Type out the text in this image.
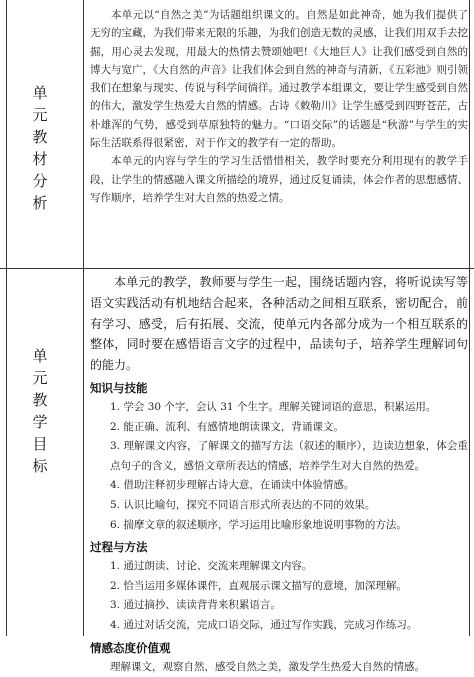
单
元
教
材
分
析

本单元以“自然之美”为话题组织课文的。自然是如此神奇，她为我们提供了无穷的宝藏，为我们带来无限的乐趣，为我们创造无数的灵感，让我们用双手去挖掘，用心灵去发现，用最大的热情去赞颂她吧!《大地巨人》让我们感受到自然的博大与宽广，《大自然的声音》让我们体会到自然的神奇与清新，《五彩池》则引领我们在想象与现实、传说与科学间徜徉。通过教学本组课文，要让学生感受到自然的伟大，激发学生热爱大自然的情感。古诗《敕勒川》让学生感受到四野苍茫，古朴雄浑的气势，感受到草原独特的魅力。“口语交际”的话题是“秋游”与学生的实际生活联系得很紧密，对于作文的教学有一定的帮助。

本单元的内容与学生的学习生活惜惜相关，教学时要充分利用现有的教学手段，让学生的情感融入课文所描绘的境界，通过反复诵读，体会作者的思想感情、写作顺序，培养学生对大自然的热爱之情。

单
元
教
学
目
标

本单元的教学，教师要与学生一起，围绕话题内容，将听说读写等语文实践活动有机地结合起来，各种活动之间相互联系，密切配合，前有学习、感受，后有拓展、交流，使单元内各部分成为一个相互联系的整体，同时要在感悟语言文字的过程中，品读句子，培养学生理解词句的能力。

知识与技能

1. 学会 30 个字，会认 31 个生字。理解关键词语的意思，积累运用。

2. 能正确、流利、有感情地朗读课文，背诵课文。

3. 理解课文内容，了解课文的描写方法（叙述的顺序），边读边想象，体会重点句子的含义，感悟文章所表达的情感，培养学生对大自然的热爱。

4. 借助注释初步理解古诗大意，在诵读中体验情感。

5. 认识比喻句，探究不同语言形式所表达的不同的效果。

6. 揣摩文章的叙述顺序，学习运用比喻形象地说明事物的方法。

过程与方法

1. 通过朗读、讨论、交流来理解课文内容。

2. 恰当运用多媒体课件，直观展示课文描写的意境，加深理解。

3. 通过摘抄、读读背背来积累语言。

4. 通过对话交流，完成口语交际，通过写作实践，完成习作练习。

情感态度价值观

理解课文，观察自然，感受自然之美，激发学生热爱大自然的情感。
